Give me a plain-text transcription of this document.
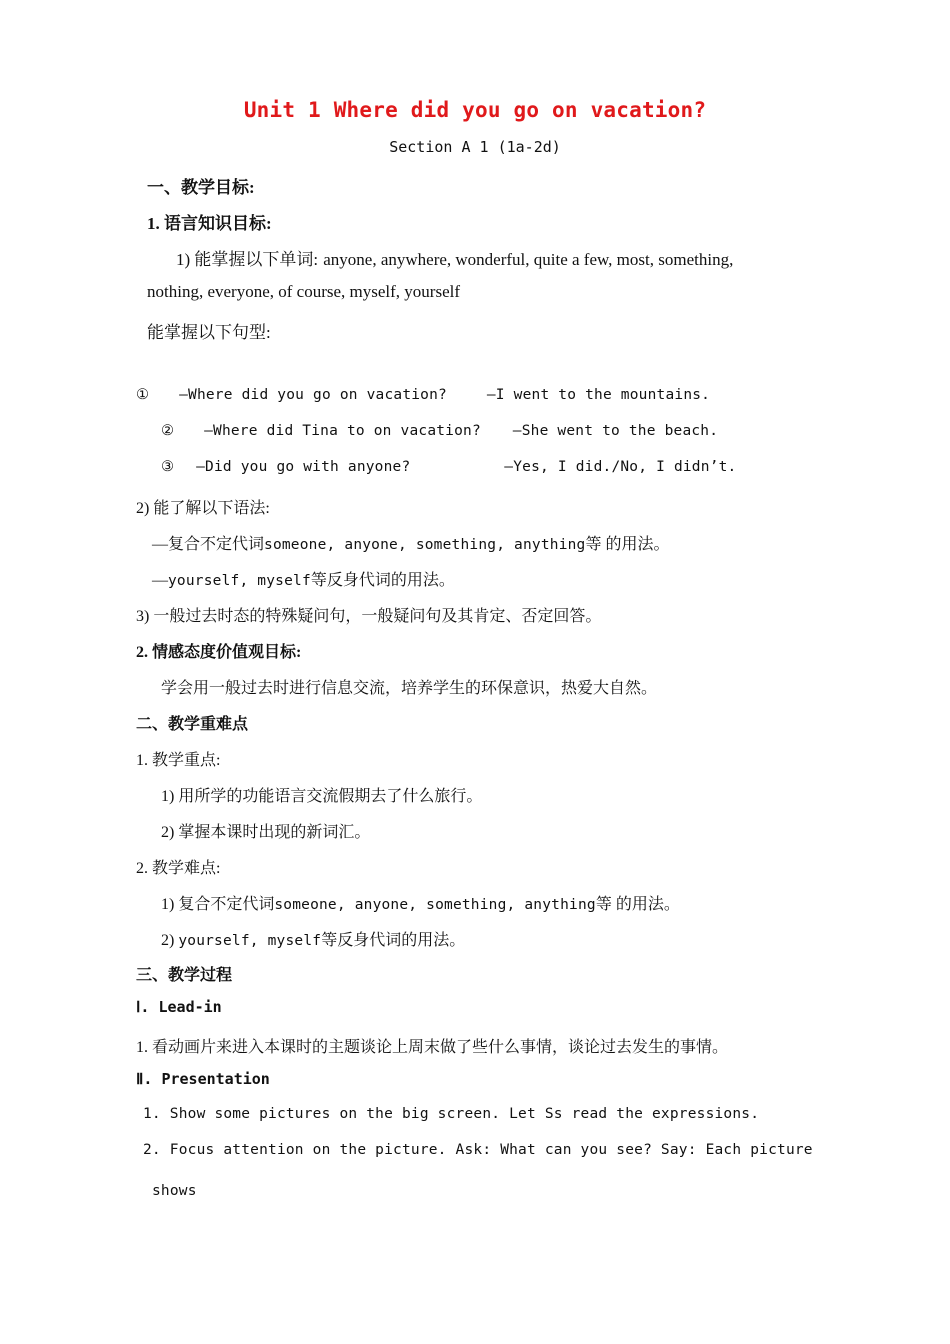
Unit 1 Where did you go on vacation?
Section A 1 (1a-2d)
一、教学目标:
1. 语言知识目标:
1) 能掌握以下单词: anyone, anywhere, wonderful, quite a few, most, something,
nothing, everyone, of course, myself, yourself
能掌握以下句型:
① —Where did you go on vacation?	—I went to the mountains.
② —Where did Tina to on vacation? —She went to the beach.
③ —Did you go with anyone?	—Yes, I did./No, I didn’t.
2) 能了解以下语法:
—复合不定代词someone, anyone, something, anything等 的用法。
—yourself, myself等反身代词的用法。
3) 一般过去时态的特殊疑问句，一般疑问句及其肯定、否定回答。
2. 情感态度价值观目标:
学会用一般过去时进行信息交流，培养学生的环保意识，热爱大自然。
二、教学重难点
1. 教学重点:
1) 用所学的功能语言交流假期去了什么旅行。
2) 掌握本课时出现的新词汇。
2. 教学难点:
1) 复合不定代词someone, anyone, something, anything等 的用法。
2) yourself, myself等反身代词的用法。
三、教学过程
Ⅰ. Lead-in
1. 看动画片来进入本课时的主题谈论上周末做了些什么事情，谈论过去发生的事情。
Ⅱ. Presentation
1. Show some pictures on the big screen. Let Ss read the expressions.
2. Focus attention on the picture. Ask: What can you see? Say: Each picture
shows
